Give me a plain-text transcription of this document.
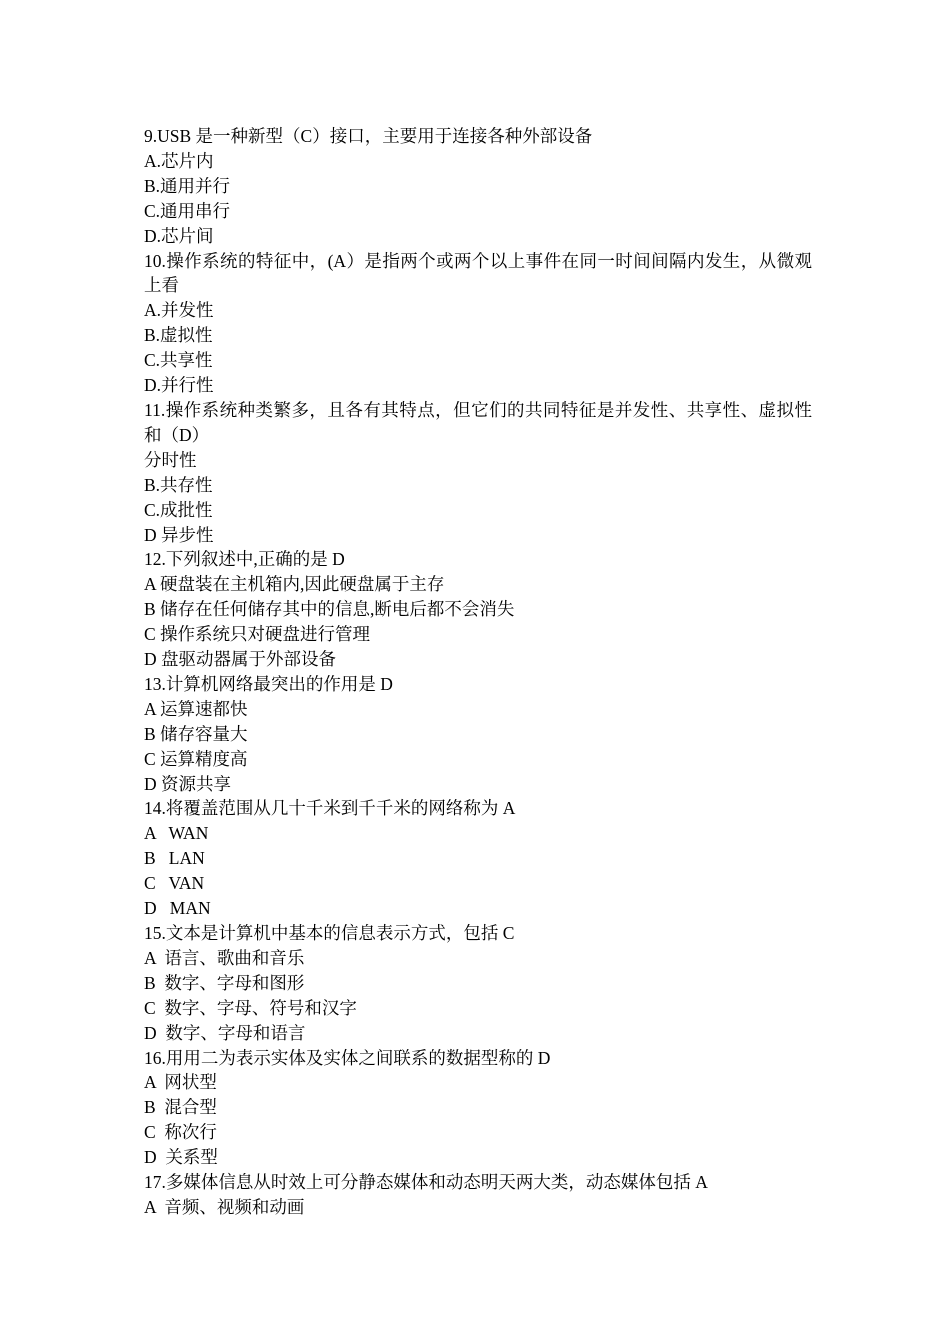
9.USB 是一种新型（C）接口，主要用于连接各种外部设备

A.芯片内

B.通用并行

C.通用串行

D.芯片间

10.操作系统的特征中，(A）是指两个或两个以上事件在同一时间间隔内发生，从微观上看

A.并发性

B.虚拟性

C.共享性

D.并行性

11.操作系统种类繁多，且各有其特点，但它们的共同特征是并发性、共享性、虚拟性和（D）

分时性

B.共存性

C.成批性

D 异步性

12.下列叙述中,正确的是 D

A 硬盘装在主机箱内,因此硬盘属于主存

B 储存在任何储存其中的信息,断电后都不会消失

C 操作系统只对硬盘进行管理

D 盘驱动器属于外部设备

13.计算机网络最突出的作用是 D

A 运算速都快

B 储存容量大

C 运算精度高

D 资源共享

14.将覆盖范围从几十千米到千千米的网络称为 A

A   WAN

B   LAN

C   VAN

D   MAN

15.文本是计算机中基本的信息表示方式，包括 C

A  语言、歌曲和音乐

B  数字、字母和图形

C  数字、字母、符号和汉字

D  数字、字母和语言

16.用用二为表示实体及实体之间联系的数据型称的 D

A  网状型

B  混合型

C  称次行

D  关系型

17.多媒体信息从时效上可分静态媒体和动态明天两大类，动态媒体包括 A

A  音频、视频和动画
